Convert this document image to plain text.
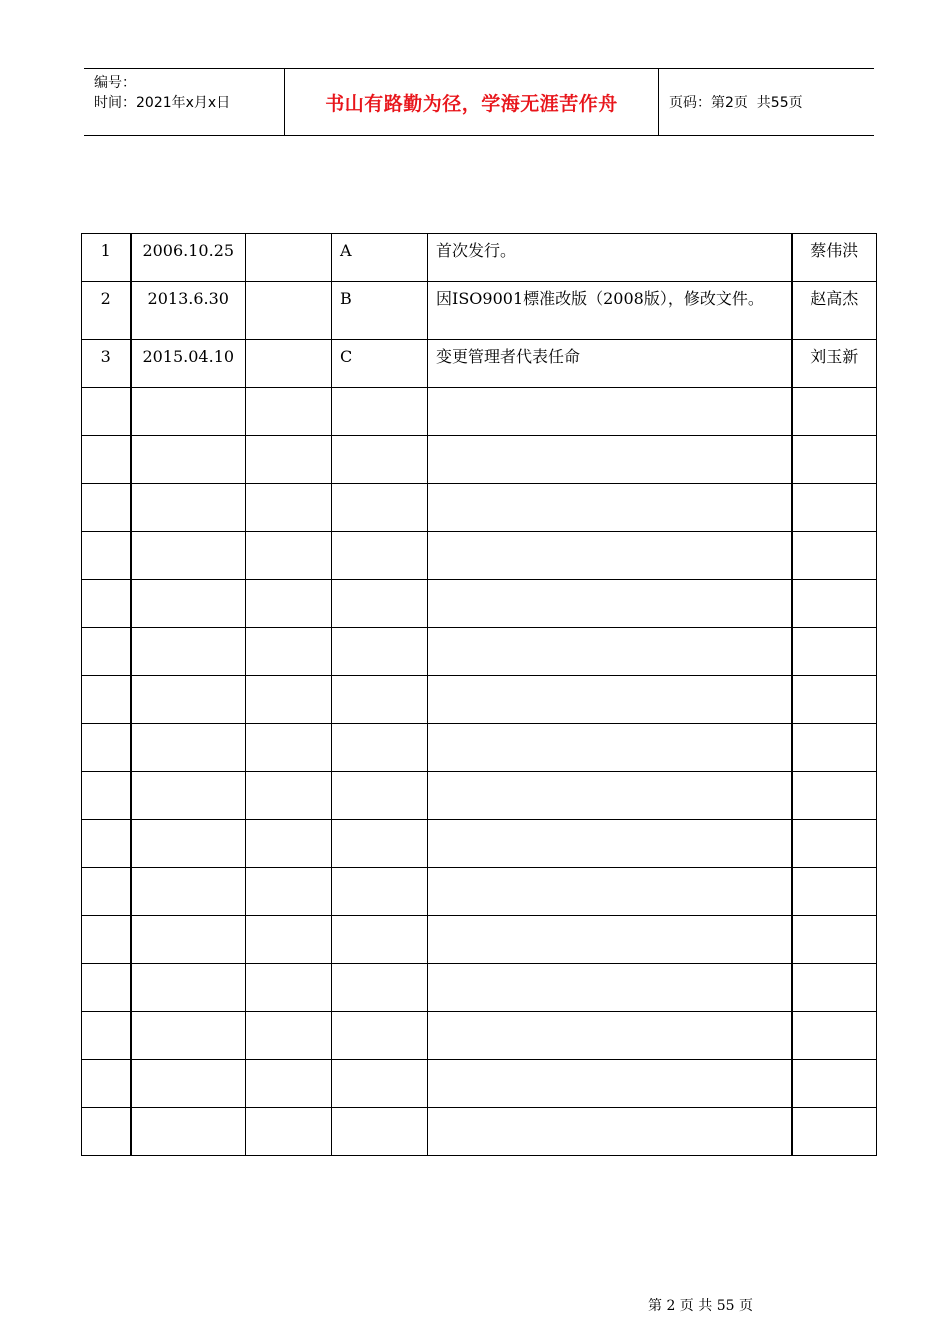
编号：
时间：2021年x月x日	书山有路勤为径，学海无涯苦作舟	页码：第2页  共55页
1	2006.10.25		A	首次发行。	蔡伟洪
2	2013.6.30		B	因ISO9001標准改版（2008版），修改文件。	赵高杰
3	2015.04.10		C	变更管理者代表任命	刘玉新

第 2 页 共 55 页
